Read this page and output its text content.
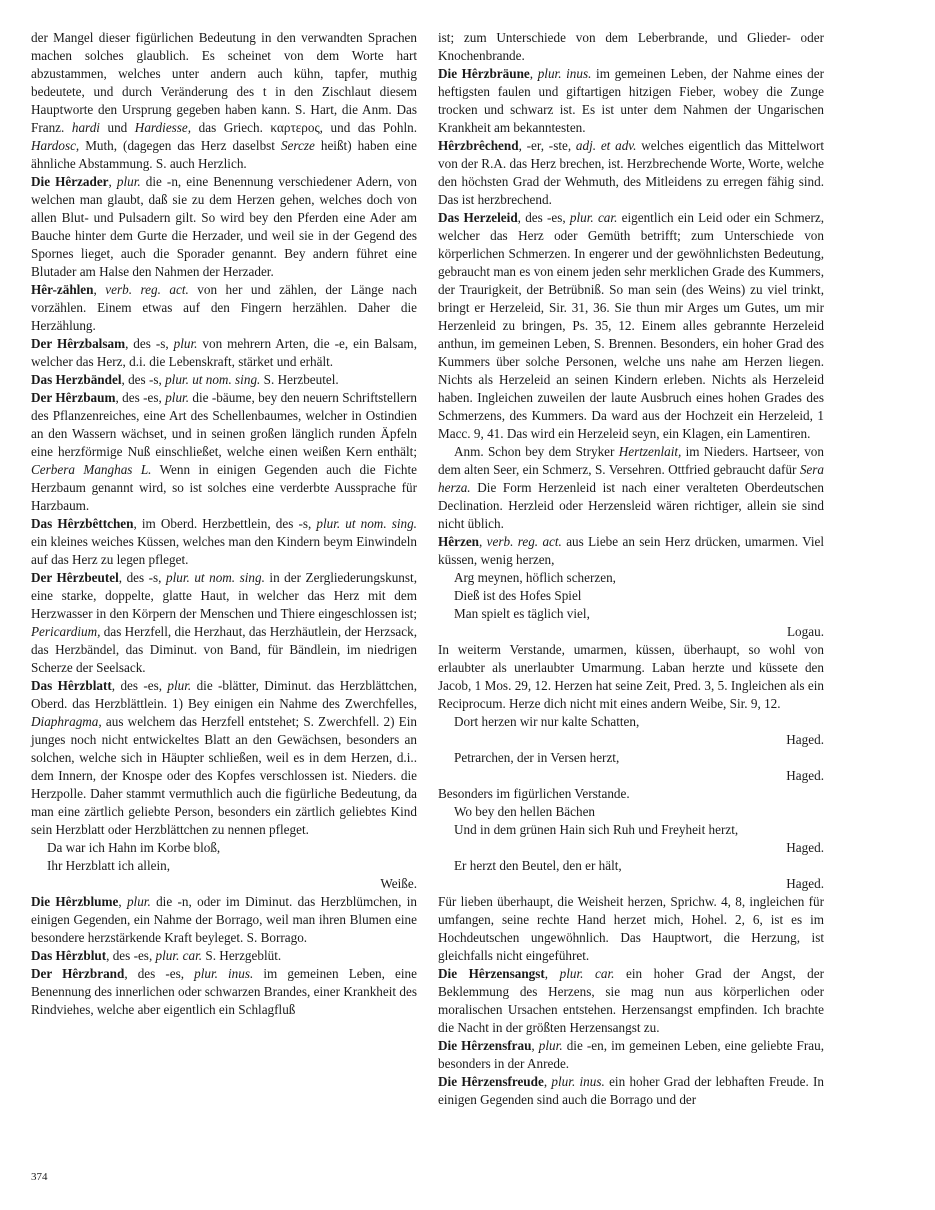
der Mangel dieser figürlichen Bedeutung in den verwandten Sprachen machen solches glaublich. Es scheinet von dem Worte hart abzustammen, welches unter andern auch kühn, tapfer, muthig bedeutete, und durch Veränderung des t in den Zischlaut diesem Hauptworte den Ursprung gegeben haben kann. S. Hart, die Anm. Das Franz. hardi und Hardiesse, das Griech. καρτερος, und das Pohln. Hardosc, Muth, (dagegen das Herz daselbst Sercze heißt) haben eine ähnliche Abstammung. S. auch Herzlich.

Die Hêrzader, plur. die -n, eine Benennung verschiedener Adern, von welchen man glaubt, daß sie zu dem Herzen gehen, welches doch von allen Blut- und Pulsadern gilt. So wird bey den Pferden eine Ader am Bauche hinter dem Gurte die Herzader, und weil sie in der Gegend des Spornes lieget, auch die Sporader genannt. Bey andern führet eine Blutader am Halse den Nahmen der Herzader.

Hêr-zählen, verb. reg. act. von her und zählen, der Länge nach vorzählen. Einem etwas auf den Fingern herzählen. Daher die Herzählung.

Der Hêrzbalsam, des -s, plur. von mehrern Arten, die -e, ein Balsam, welcher das Herz, d.i. die Lebenskraft, stärket und erhält.

Das Herzbändel, des -s, plur. ut nom. sing. S. Herzbeutel.

Der Hêrzbaum, des -es, plur. die -bäume, bey den neuern Schriftstellern des Pflanzenreiches, eine Art des Schellenbaumes, welcher in Ostindien an den Wassern wächset, und in seinen großen länglich runden Äpfeln eine herzförmige Nuß einschließet, welche einen weißen Kern enthält; Cerbera Manghas L. Wenn in einigen Gegenden auch die Fichte Herzbaum genannt wird, so ist solches eine verderbte Aussprache für Harzbaum.

Das Hêrzbêttchen, im Oberd. Herzbettlein, des -s, plur. ut nom. sing. ein kleines weiches Küssen, welches man den Kindern beym Einwindeln auf das Herz zu legen pfleget.

Der Hêrzbeutel, des -s, plur. ut nom. sing. in der Zergliederungskunst, eine starke, doppelte, glatte Haut, in welcher das Herz mit dem Herzwasser in den Körpern der Menschen und Thiere eingeschlossen ist; Pericardium, das Herzfell, die Herzhaut, das Herzhäutlein, der Herzsack, das Herzbändel, das Diminut. von Band, für Bändlein, im niedrigen Scherze der Seelsack.

Das Hêrzblatt, des -es, plur. die -blätter, Diminut. das Herzblättchen, Oberd. das Herzblättlein. 1) Bey einigen ein Nahme des Zwerchfelles, Diaphragma, aus welchem das Herzfell entstehet; S. Zwerchfell. 2) Ein junges noch nicht entwickeltes Blatt an den Gewächsen, besonders an solchen, welche sich in Häupter schließen, weil es in dem Herzen, d.i.. dem Innern, der Knospe oder des Kopfes verschlossen ist. Nieders. die Herzpolle. Daher stammt vermuthlich auch die figürliche Bedeutung, da man eine zärtlich geliebte Person, besonders ein zärtlich geliebtes Kind sein Herzblatt oder Herzblättchen zu nennen pfleget.

Da war ich Hahn im Korbe bloß,

Ihr Herzblatt ich allein,

Weiße.

Die Hêrzblume, plur. die -n, oder im Diminut. das Herzblümchen, in einigen Gegenden, ein Nahme der Borrago, weil man ihren Blumen eine besondere herzstärkende Kraft beyleget. S. Borrago.

Das Hêrzblut, des -es, plur. car. S. Herzgeblüt.

Der Hêrzbrand, des -es, plur. inus. im gemeinen Leben, eine Benennung des innerlichen oder schwarzen Brandes, einer Krankheit des Rindviehes, welche aber eigentlich ein Schlagfluß

ist; zum Unterschiede von dem Leberbrande, und Glieder- oder Knochenbrande.

Die Hêrzbräune, plur. inus. im gemeinen Leben, der Nahme eines der heftigsten faulen und giftartigen hitzigen Fieber, wobey die Zunge trocken und schwarz ist. Es ist unter dem Nahmen der Ungarischen Krankheit am bekanntesten.

Hêrzbrêchend, -er, -ste, adj. et adv. welches eigentlich das Mittelwort von der R.A. das Herz brechen, ist. Herzbrechende Worte, Worte, welche den höchsten Grad der Wehmuth, des Mitleidens zu erregen fähig sind. Das ist herzbrechend.

Das Herzeleid, des -es, plur. car. eigentlich ein Leid oder ein Schmerz, welcher das Herz oder Gemüth betrifft; zum Unterschiede von körperlichen Schmerzen. In engerer und der gewöhnlichsten Bedeutung, gebraucht man es von einem jeden sehr merklichen Grade des Kummers, der Traurigkeit, der Betrübniß. So man sein (des Weins) zu viel trinkt, bringt er Herzeleid, Sir. 31, 36. Sie thun mir Arges um Gutes, um mir Herzenleid zu bringen, Ps. 35, 12. Einem alles gebrannte Herzeleid anthun, im gemeinen Leben, S. Brennen. Besonders, ein hoher Grad des Kummers über solche Personen, welche uns nahe am Herzen liegen. Nichts als Herzeleid an seinen Kindern erleben. Nichts als Herzeleid haben. Ingleichen zuweilen der laute Ausbruch eines hohen Grades des Schmerzens, des Kummers. Da ward aus der Hochzeit ein Herzeleid, 1 Macc. 9, 41. Das wird ein Herzeleid seyn, ein Klagen, ein Lamentiren.

Anm. Schon bey dem Stryker Hertzenlait, im Nieders. Hartseer, von dem alten Seer, ein Schmerz, S. Versehren. Ottfried gebraucht dafür Sera herza. Die Form Herzenleid ist nach einer veralteten Oberdeutschen Declination. Herzleid oder Herzensleid wären richtiger, allein sie sind nicht üblich.

Hêrzen, verb. reg. act. aus Liebe an sein Herz drücken, umarmen. Viel küssen, wenig herzen,

Arg meynen, höflich scherzen,

Dieß ist des Hofes Spiel

Man spielt es täglich viel,

Logau.

In weiterm Verstande, umarmen, küssen, überhaupt, so wohl von erlaubter als unerlaubter Umarmung. Laban herzte und küssete den Jacob, 1 Mos. 29, 12. Herzen hat seine Zeit, Pred. 3, 5. Ingleichen als ein Reciprocum. Herze dich nicht mit eines andern Weibe, Sir. 9, 12.

Dort herzen wir nur kalte Schatten,

Haged.

Petrarchen, der in Versen herzt,

Haged.

Besonders im figürlichen Verstande.

Wo bey den hellen Bächen

Und in dem grünen Hain sich Ruh und Freyheit herzt,

Haged.

Er herzt den Beutel, den er hält,

Haged.

Für lieben überhaupt, die Weisheit herzen, Sprichw. 4, 8, ingleichen für umfangen, seine rechte Hand herzet mich, Hohel. 2, 6, ist es im Hochdeutschen ungewöhnlich. Das Hauptwort, die Herzung, ist gleichfalls nicht eingeführet.

Die Hêrzensangst, plur. car. ein hoher Grad der Angst, der Beklemmung des Herzens, sie mag nun aus körperlichen oder moralischen Ursachen entstehen. Herzensangst empfinden. Ich brachte die Nacht in der größten Herzensangst zu.

Die Hêrzensfrau, plur. die -en, im gemeinen Leben, eine geliebte Frau, besonders in der Anrede.

Die Hêrzensfreude, plur. inus. ein hoher Grad der lebhaften Freude. In einigen Gegenden sind auch die Borrago und der

374
